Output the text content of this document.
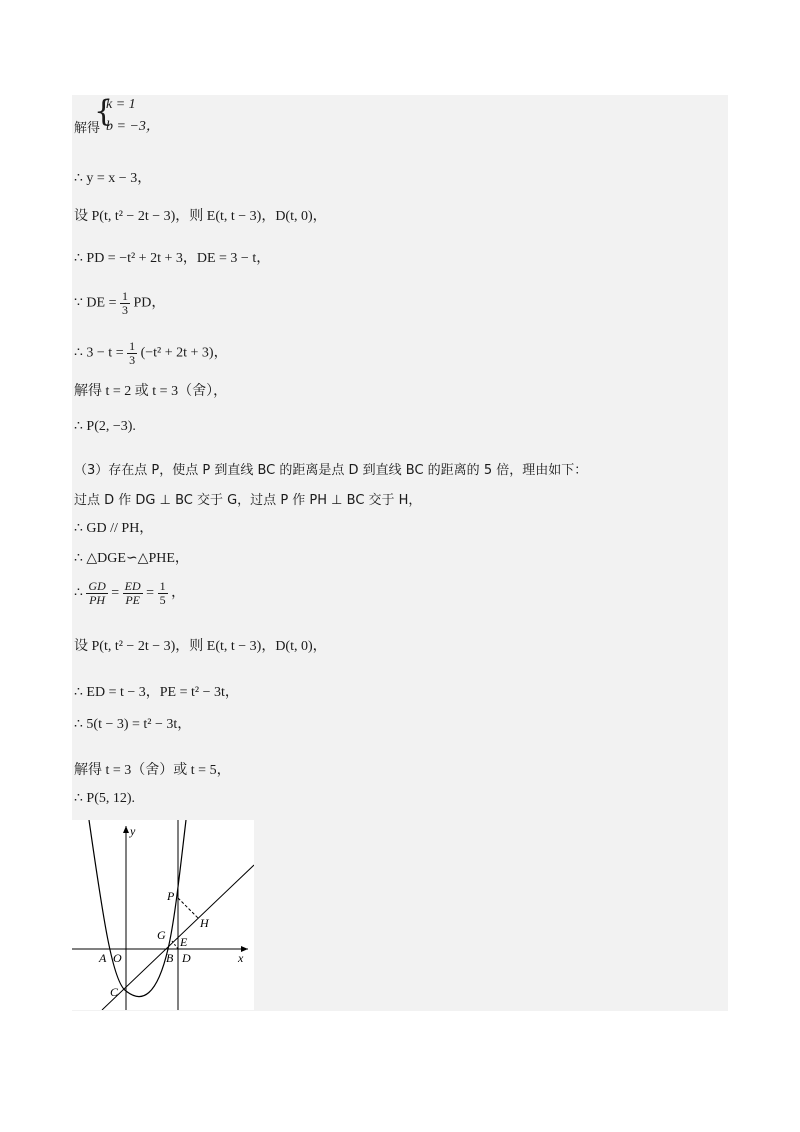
k = 1
{
解得 b = −3，
∴ y = x − 3，
设 P(t, t² − 2t − 3)，则 E(t, t − 3)，D(t, 0)，
∴ PD = −t² + 2t + 3，DE = 3 − t，
∵ DE = $\frac{1}{3}$ PD，
∴ $3 - t = \frac{1}{3} (-t^2 + 2t + 3)$，
解得 t = 2 或 t = 3（舍），
∴ P(2, −3).
（3）存在点 P，使点 P 到直线 BC 的距离是点 D 到直线 BC 的距离的 5 倍，理由如下：
过点 D 作 DG ⊥ BC 交于 G，过点 P 作 PH ⊥ BC 交于 H，
∴ GD // PH，
∴ △DGE∽△PHE，
∴ $\frac{GD}{PH} = \frac{ED}{PE} = \frac{1}{5}$ ，
设 P(t, t² − 2t − 3)，则 E(t, t − 3)，D(t, 0)，
∴ ED = t − 3，PE = t² − 3t，
∴ 5(t − 3) = t² − 3t，
解得 t = 3（舍）或 t = 5，
∴ P(5, 12).
y
x
A O	B D
C
P
H
G E
